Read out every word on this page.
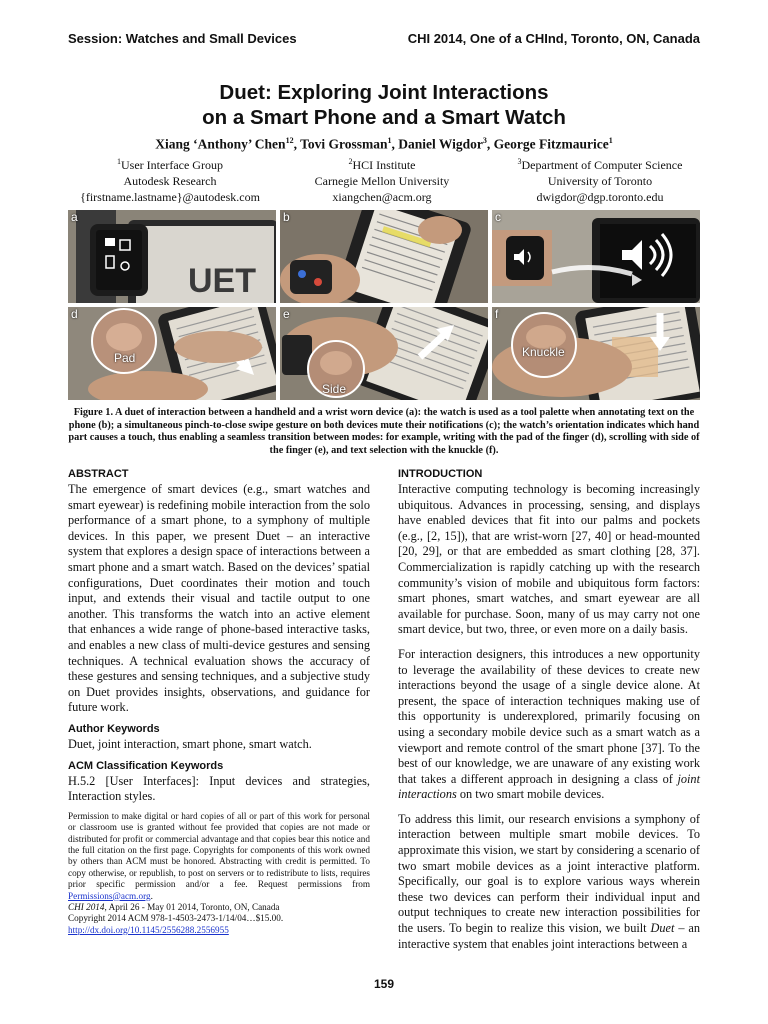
Session: Watches and Small Devices	CHI 2014, One of a CHInd, Toronto, ON, Canada
Duet: Exploring Joint Interactions
on a Smart Phone and a Smart Watch
Xiang ‘Anthony’ Chen$^{12}$, Tovi Grossman$^1$, Daniel Wigdor$^3$, George Fitzmaurice$^1$
$^1$User Interface Group
Autodesk Research
{firstname.lastname}@autodesk.com
$^2$HCI Institute
Carnegie Mellon University
xiangchen@acm.org
$^3$Department of Computer Science
University of Toronto
dwigdor@dgp.toronto.edu
UET
a	b	c
d
Pad
e
Side
f
Knuckle
Figure 1. A duet of interaction between a handheld and a wrist worn device (a): the watch is used as a tool palette when annotating text on the phone (b); a simultaneous pinch-to-close swipe gesture on both devices mute their notifications (c); the watch’s orientation indicates which hand part causes a touch, thus enabling a seamless transition between modes: for example, writing with the pad of the finger (d), scrolling with side of the finger (e), and text selection with the knuckle (f).
ABSTRACT

The emergence of smart devices (e.g., smart watches and smart eyewear) is redefining mobile interaction from the solo performance of a smart phone, to a symphony of multiple devices. In this paper, we present Duet – an interactive system that explores a design space of interactions between a smart phone and a smart watch. Based on the devices’ spatial configurations, Duet coordinates their motion and touch input, and extends their visual and tactile output to one another. This transforms the watch into an active element that enhances a wide range of phone-based interactive tasks, and enables a new class of multi-device gestures and sensing techniques. A technical evaluation shows the accuracy of these gestures and sensing techniques, and a subjective study on Duet provides insights, observations, and guidance for future work.

Author Keywords

Duet, joint interaction, smart phone, smart watch.

ACM Classification Keywords

H.5.2 [User Interfaces]: Input devices and strategies, Interaction styles.

Permission to make digital or hard copies of all or part of this work for personal or classroom use is granted without fee provided that copies are not made or distributed for profit or commercial advantage and that copies bear this notice and the full citation on the first page. Copyrights for components of this work owned by others than ACM must be honored. Abstracting with credit is permitted. To copy otherwise, or republish, to post on servers or to redistribute to lists, requires prior specific permission and/or a fee. Request permissions from Permissions@acm.org.
CHI 2014, April 26 - May 01 2014, Toronto, ON, Canada
Copyright 2014 ACM 978-1-4503-2473-1/14/04…$15.00.
http://dx.doi.org/10.1145/2556288.2556955

INTRODUCTION

Interactive computing technology is becoming increasingly ubiquitous. Advances in processing, sensing, and displays have enabled devices that fit into our palms and pockets (e.g., [2, 15]), that are wrist-worn [27, 40] or head-mounted [20, 29], or that are embedded as smart clothing [28, 37]. Commercialization is rapidly catching up with the research community’s vision of mobile and ubiquitous form factors: smart phones, smart watches, and smart eyewear are all available for purchase. Soon, many of us may carry not one smart device, but two, three, or even more on a daily basis.

For interaction designers, this introduces a new opportunity to leverage the availability of these devices to create new interactions beyond the usage of a single device alone. At present, the space of interaction techniques making use of this opportunity is underexplored, primarily focusing on using a secondary mobile device such as a smart watch as a viewport and remote control of the smart phone [37]. To the best of our knowledge, we are unaware of any existing work that takes a different approach in designing a class of joint interactions on two smart mobile devices.

To address this limit, our research envisions a symphony of interaction between multiple smart mobile devices. To approximate this vision, we start by considering a scenario of two smart mobile devices as a joint interactive platform. Specifically, our goal is to explore various ways wherein these two devices can perform their individual input and output techniques to create new interaction possibilities for the users. To begin to realize this vision, we built Duet – an interactive system that enables joint interactions between a

159
